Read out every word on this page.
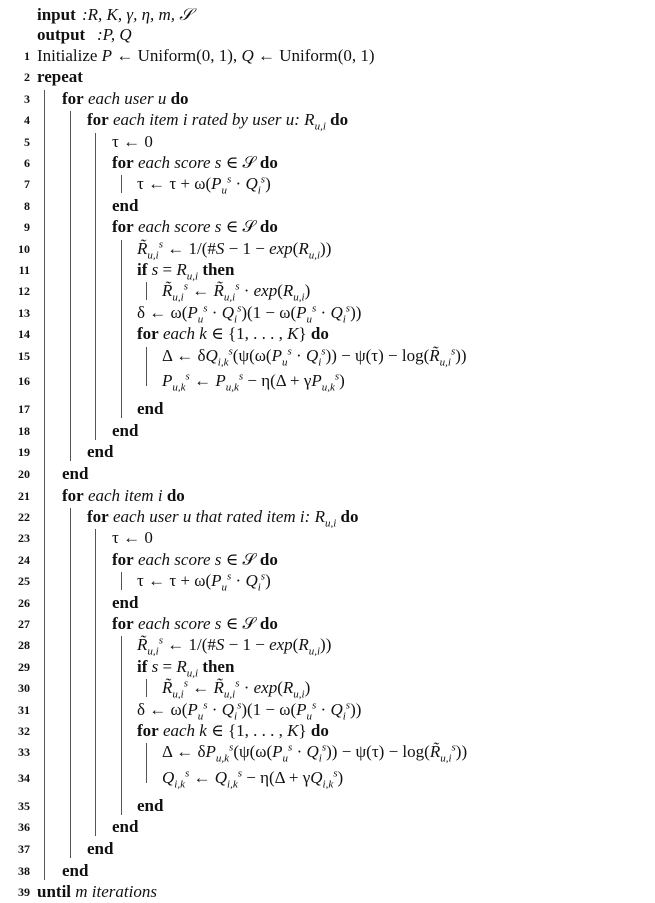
input :R, K, γ, η, m, 𝒮
output :P, Q
1 Initialize P ← Uniform(0, 1), Q ← Uniform(0, 1)
2 repeat
3 for each user u do
4	for each item i rated by user u: $R_{u,i}$ do
5	τ ← 0
6	for each score s ∈ 𝒮 do
7	τ ← $\tau + \omega(P_u^s \cdot Q_i^s)$
8	end
9	for each score s ∈ 𝒮 do
10	$R̃_{u,i}^s$ ← 1/(#S − $1 - \exp(R_{u,i})$)
11	if $s = R_{u,i}$ then
12	$R̃_{u,i}^s$ ← $R̃_{u,i}^s \cdot \exp(R_{u,i})$
13	δ ← $\omega(P_u^s \cdot Q_i^s)(1 - \omega(P_u^s \cdot Q_i^s))$
14	for each k ∈ {1, . . . , K} do
15	Δ ← $\delta Q_{i,k}^s(\psi(\omega(P_u^s \cdot Q_i^s)) - \psi(\tau)$ − $\log(R̃_{u,i}^s)$)
16	$P_{u,k}^s$ ← $P_{u,k}^s - \eta(\Delta + \gamma P_{u,k}^s)$
17	end
18	end
19	end
20 end
21 for each item i do
22	for each user u that rated item i: $R_{u,i}$ do
23	τ ← 0
24	for each score s ∈ 𝒮 do
25	τ ← $\tau + \omega(P_u^s \cdot Q_i^s)$
26	end
27	for each score s ∈ 𝒮 do
28	$R̃_{u,i}^s$ ← 1/(#S − $1 - \exp(R_{u,i})$)
29	if $s = R_{u,i}$ then
30	$R̃_{u,i}^s$ ← $R̃_{u,i}^s \cdot \exp(R_{u,i})$
31	δ ← $\omega(P_u^s \cdot Q_i^s)(1 - \omega(P_u^s \cdot Q_i^s))$
32	for each k ∈ {1, . . . , K} do
33	Δ ← $\delta P_{u,k}^s(\psi(\omega(P_u^s \cdot Q_i^s)) - \psi(\tau)$ − $\log(R̃_{u,i}^s)$)
34	$Q_{i,k}^s$ ← $Q_{i,k}^s - \eta(\Delta + \gamma Q_{i,k}^s)$
35	end
36	end
37	end
38 end
39 until m iterations
